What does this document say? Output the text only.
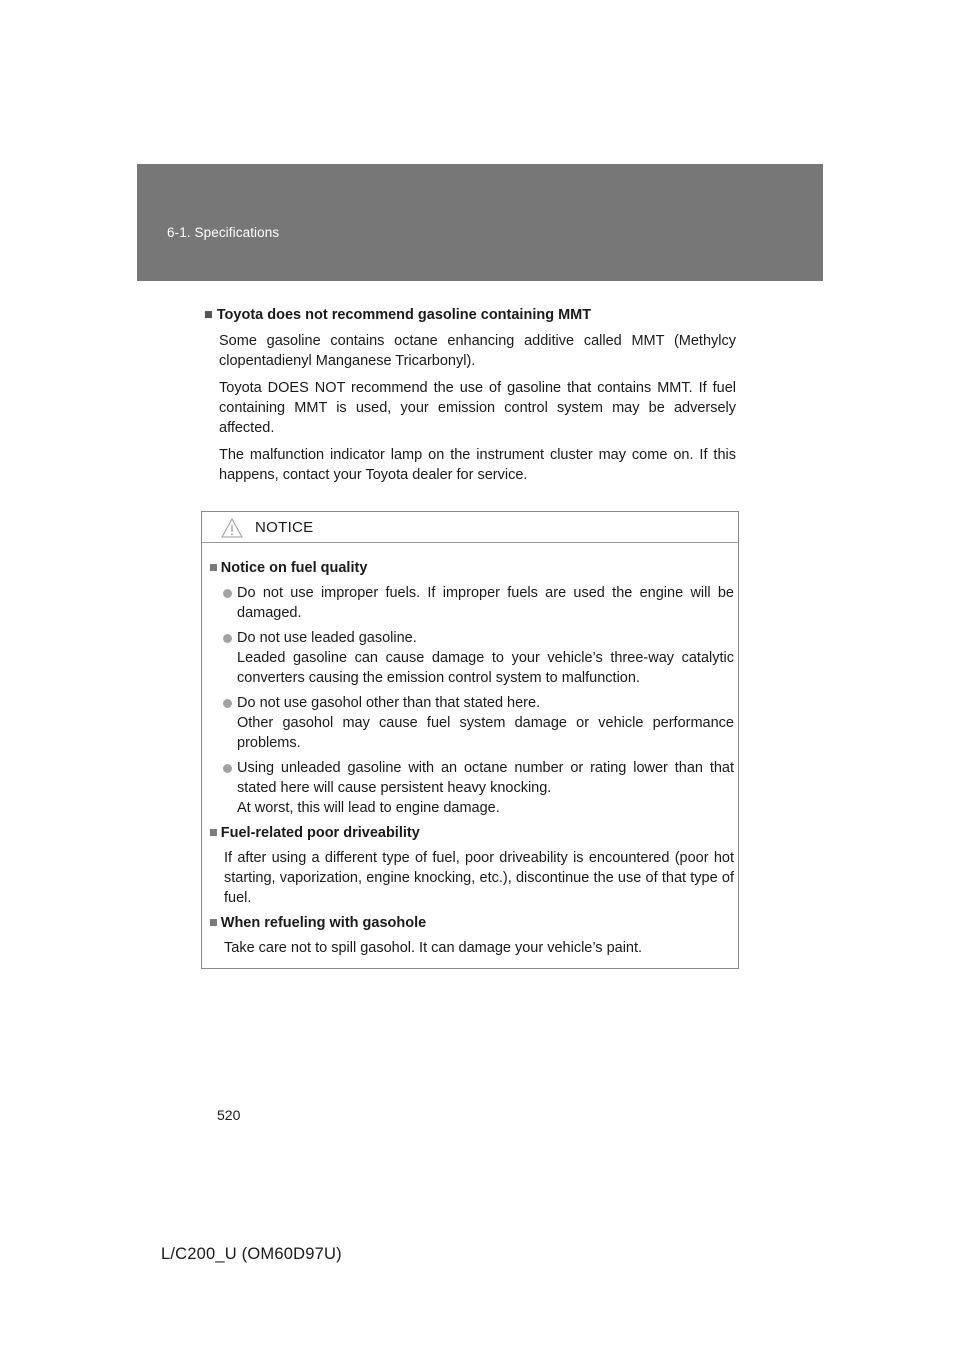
6-1. Specifications
■ Toyota does not recommend gasoline containing MMT

Some gasoline contains octane enhancing additive called MMT (Methylcy clopentadienyl Manganese Tricarbonyl).

Toyota DOES NOT recommend the use of gasoline that contains MMT. If fuel containing MMT is used, your emission control system may be adversely affected.

The malfunction indicator lamp on the instrument cluster may come on. If this happens, contact your Toyota dealer for service.

NOTICE
■ Notice on fuel quality
Do not use improper fuels. If improper fuels are used the engine will be damaged.
Do not use leaded gasoline.
Leaded gasoline can cause damage to your vehicle’s three-way catalytic converters causing the emission control system to malfunction.
Do not use gasohol other than that stated here.
Other gasohol may cause fuel system damage or vehicle performance problems.
Using unleaded gasoline with an octane number or rating lower than that stated here will cause persistent heavy knocking.
At worst, this will lead to engine damage.
■ Fuel-related poor driveability

If after using a different type of fuel, poor driveability is encountered (poor hot starting, vaporization, engine knocking, etc.), discontinue the use of that type of fuel.

■ When refueling with gasohole

Take care not to spill gasohol. It can damage your vehicle’s paint.

520
L/C200_U (OM60D97U)
